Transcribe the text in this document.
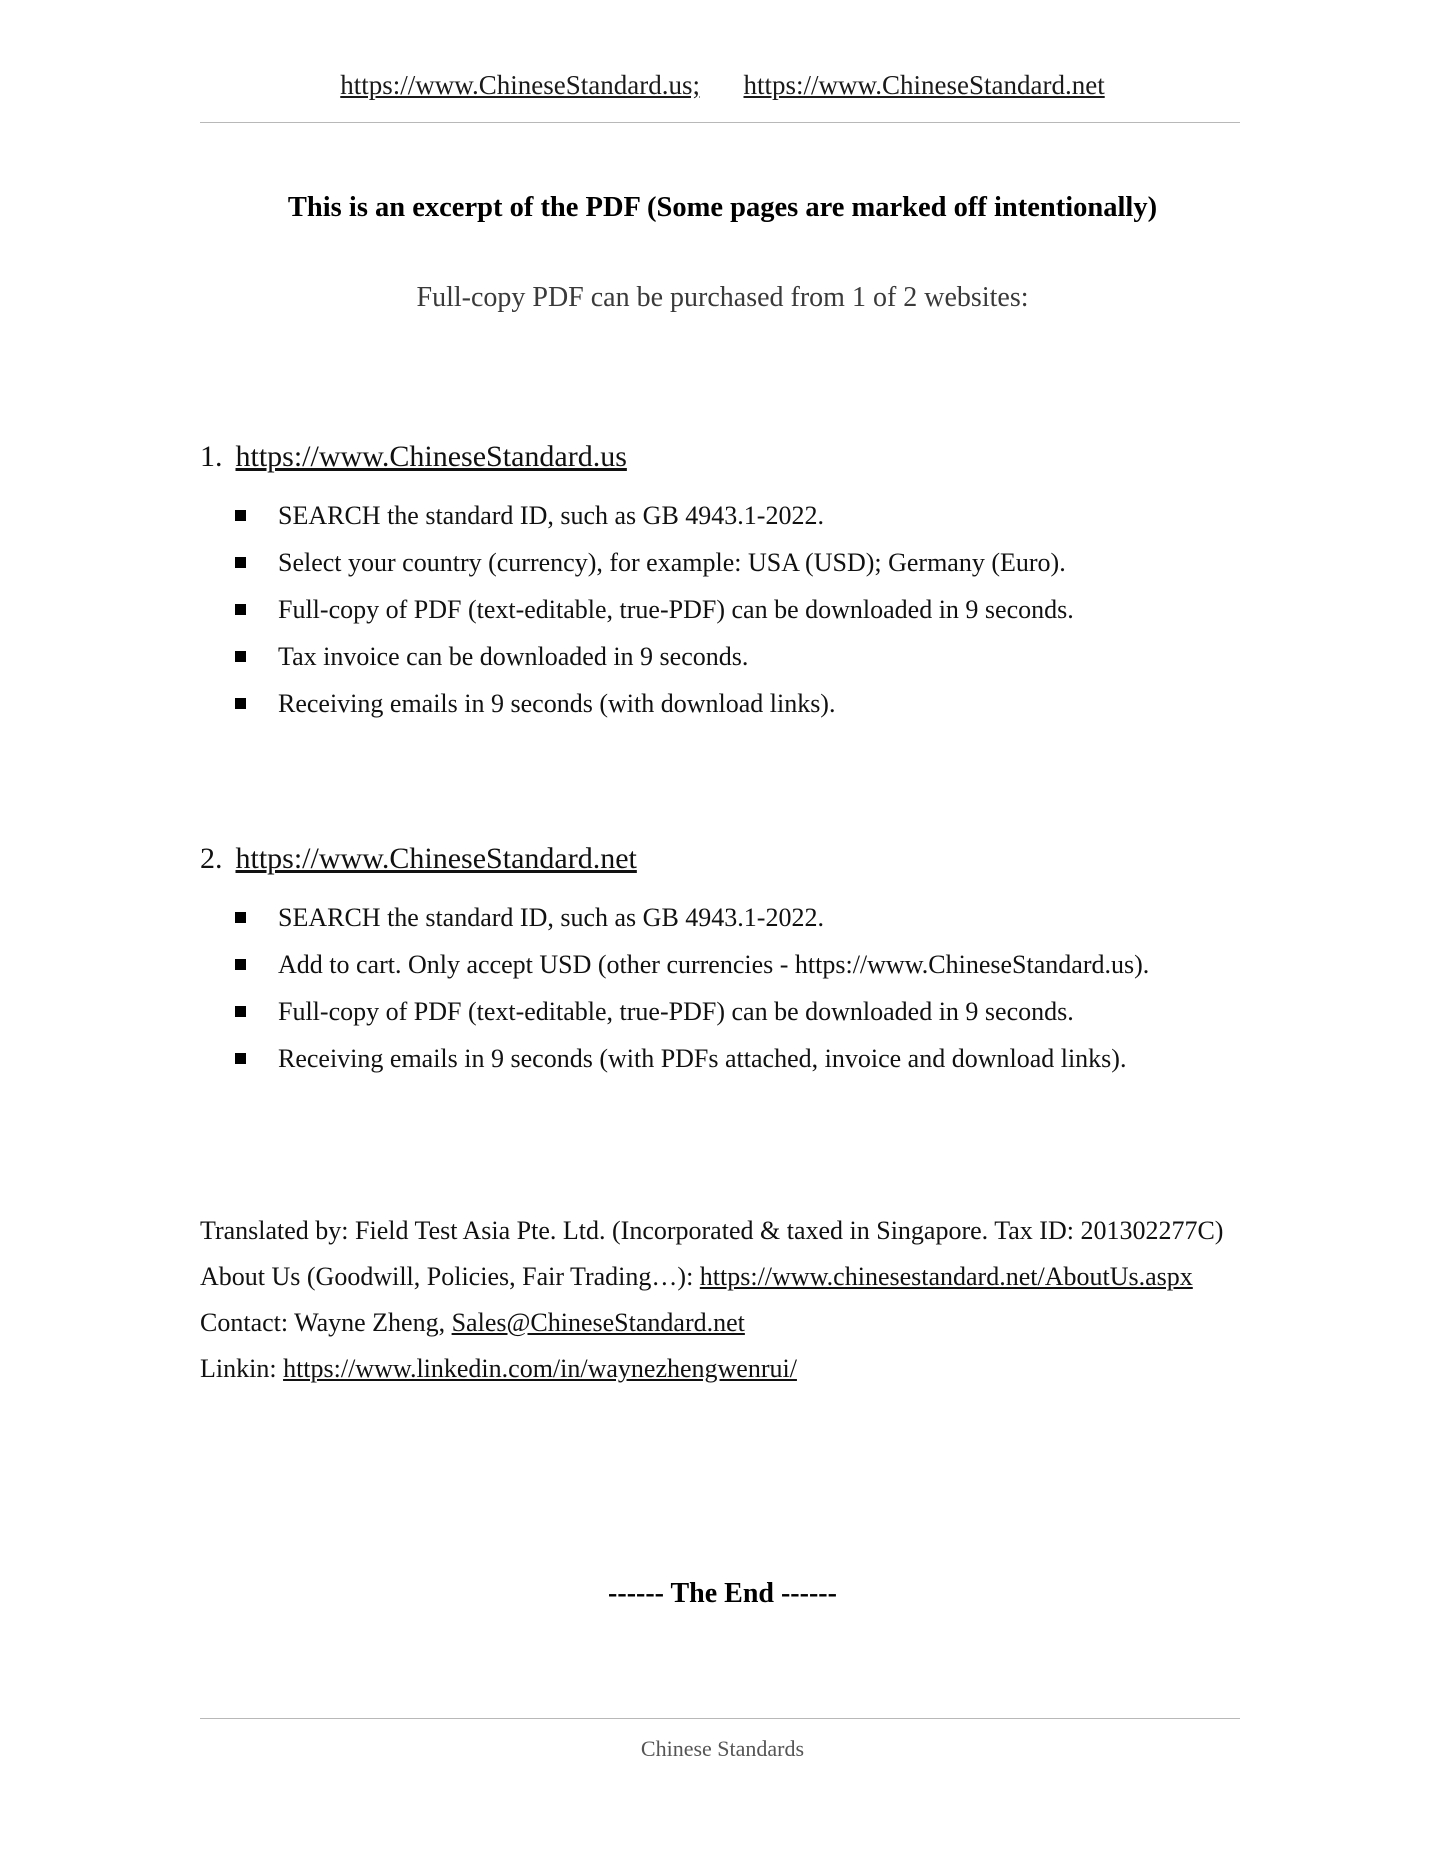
https://www.ChineseStandard.us; https://www.ChineseStandard.net
This is an excerpt of the PDF (Some pages are marked off intentionally)
Full-copy PDF can be purchased from 1 of 2 websites:
1. https://www.ChineseStandard.us
SEARCH the standard ID, such as GB 4943.1-2022.
Select your country (currency), for example: USA (USD); Germany (Euro).
Full-copy of PDF (text-editable, true-PDF) can be downloaded in 9 seconds.
Tax invoice can be downloaded in 9 seconds.
Receiving emails in 9 seconds (with download links).
2. https://www.ChineseStandard.net
SEARCH the standard ID, such as GB 4943.1-2022.
Add to cart. Only accept USD (other currencies - https://www.ChineseStandard.us).
Full-copy of PDF (text-editable, true-PDF) can be downloaded in 9 seconds.
Receiving emails in 9 seconds (with PDFs attached, invoice and download links).
Translated by: Field Test Asia Pte. Ltd. (Incorporated & taxed in Singapore. Tax ID: 201302277C)
About Us (Goodwill, Policies, Fair Trading…): https://www.chinesestandard.net/AboutUs.aspx
Contact: Wayne Zheng, Sales@ChineseStandard.net
Linkin: https://www.linkedin.com/in/waynezhengwenrui/
------ The End ------
Chinese Standards
